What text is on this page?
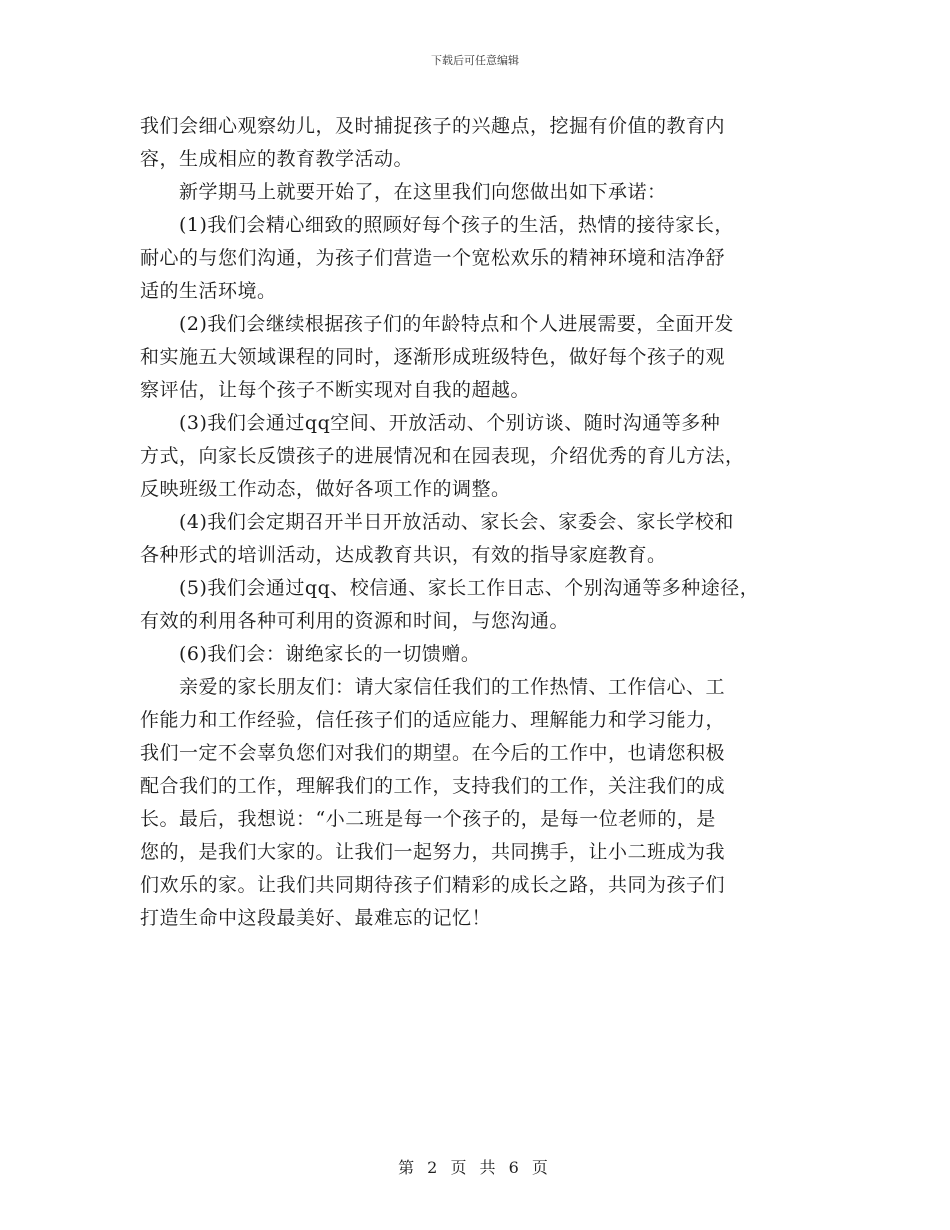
下载后可任意编辑

我们会细心观察幼儿，及时捕捉孩子的兴趣点，挖掘有价值的教育内
容，生成相应的教育教学活动。

　　新学期马上就要开始了，在这里我们向您做出如下承诺：

　　(1)我们会精心细致的照顾好每个孩子的生活，热情的接待家长，
耐心的与您们沟通，为孩子们营造一个宽松欢乐的精神环境和洁净舒
适的生活环境。

　　(2)我们会继续根据孩子们的年龄特点和个人进展需要，全面开发
和实施五大领域课程的同时，逐渐形成班级特色，做好每个孩子的观
察评估，让每个孩子不断实现对自我的超越。

　　(3)我们会通过qq空间、开放活动、个别访谈、随时沟通等多种
方式，向家长反馈孩子的进展情况和在园表现，介绍优秀的育儿方法，
反映班级工作动态，做好各项工作的调整。

　　(4)我们会定期召开半日开放活动、家长会、家委会、家长学校和
各种形式的培训活动，达成教育共识，有效的指导家庭教育。

　　(5)我们会通过qq、校信通、家长工作日志、个别沟通等多种途径，
有效的利用各种可利用的资源和时间，与您沟通。

　　(6)我们会：谢绝家长的一切馈赠。

　　亲爱的家长朋友们：请大家信任我们的工作热情、工作信心、工
作能力和工作经验，信任孩子们的适应能力、理解能力和学习能力，
我们一定不会辜负您们对我们的期望。在今后的工作中，也请您积极
配合我们的工作，理解我们的工作，支持我们的工作，关注我们的成
长。最后，我想说：“小二班是每一个孩子的，是每一位老师的，是
您的，是我们大家的。让我们一起努力，共同携手，让小二班成为我
们欢乐的家。让我们共同期待孩子们精彩的成长之路，共同为孩子们
打造生命中这段最美好、最难忘的记忆！

第 2 页 共 6 页
